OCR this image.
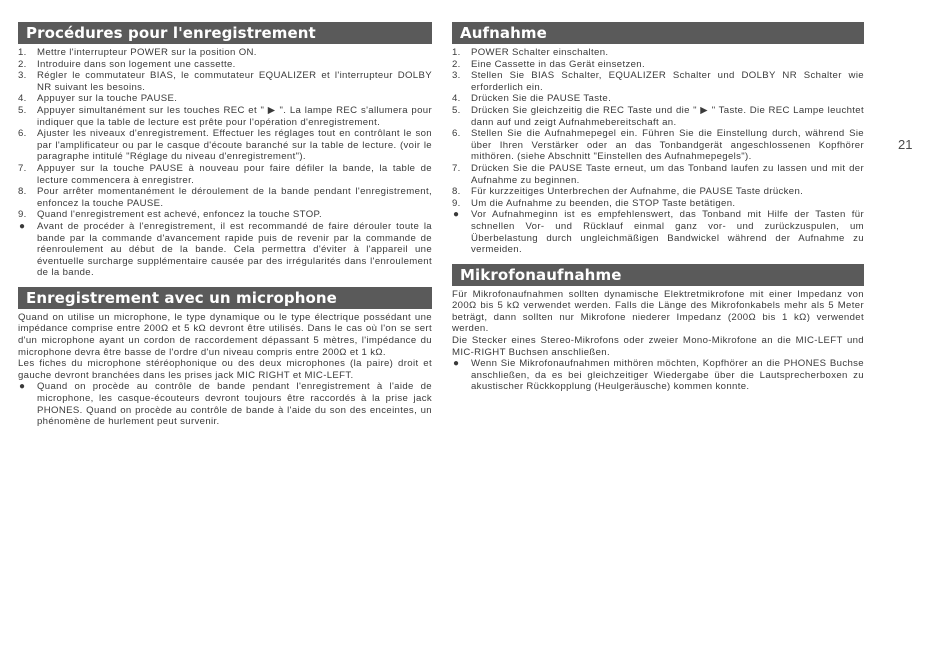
Procédures pour l'enregistrement
1.	Mettre l'interrupteur POWER sur la position ON.
2.	Introduire dans son logement une cassette.
3.	Régler le commutateur BIAS, le commutateur EQUALIZER et l'interrupteur DOLBY NR suivant les besoins.
4.	Appuyer sur la touche PAUSE.
5.	Appuyer simultanément sur les touches REC et " ▶ ". La lampe REC s'allumera pour indiquer que la table de lecture est prête pour l'opération d'enregistrement.
6.	Ajuster les niveaux d'enregistrement. Effectuer les réglages tout en contrôlant le son par l'amplificateur ou par le casque d'écoute baranché sur la table de lecture. (voir le paragraphe intitulé "Réglage du niveau d'enregistrement").
7.	Appuyer sur la touche PAUSE à nouveau pour faire défiler la bande, la table de lecture commencera à enregistrer.
8.	Pour arrêter momentanément le déroulement de la bande pendant l'enregistrement, enfoncez la touche PAUSE.
9.	Quand l'enregistrement est achevé, enfoncez la touche STOP.
● Avant de procéder à l'enregistrement, il est recommandé de faire dérouler toute la bande par la commande d'avancement rapide puis de revenir par la commande de réenroulement au début de la bande. Cela permettra d'éviter à l'appareil une éventuelle surcharge supplémentaire causée par des irrégularités dans l'enroulement de la bande.
Enregistrement avec un microphone

Quand on utilise un microphone, le type dynamique ou le type électrique possédant une impédance comprise entre 200Ω et 5 kΩ devront être utilisés. Dans le cas où l'on se sert d'un microphone ayant un cordon de raccordement dépassant 5 mètres, l'impédance du microphone devra être basse de l'ordre d'un niveau compris entre 200Ω et 1 kΩ.

Les fiches du microphone stéréophonique ou des deux microphones (la paire) droit et gauche devront branchées dans les prises jack MIC RIGHT et MIC-LEFT.

● Quand on procède au contrôle de bande pendant l'enregistrement à l'aide de microphone, les casque-écouteurs devront toujours être raccordés à la prise jack PHONES. Quand on procède au contrôle de bande à l'aide du son des enceintes, un phénomène de hurlement peut survenir.
Aufnahme
1.	POWER Schalter einschalten.
2.	Eine Cassette in das Gerät einsetzen.
3.	Stellen Sie BIAS Schalter, EQUALIZER Schalter und DOLBY NR Schalter wie erforderlich ein.
4.	Drücken Sie die PAUSE Taste.
5.	Drücken Sie gleichzeitig die REC Taste und die " ▶ " Taste. Die REC Lampe leuchtet dann auf und zeigt Aufnahmebereitschaft an.
6.	Stellen Sie die Aufnahmepegel ein. Führen Sie die Einstellung durch, während Sie über Ihren Verstärker oder an das Tonbandgerät angeschlossenen Kopfhörer mithören. (siehe Abschnitt "Einstellen des Aufnahmepegels").
7.	Drücken Sie die PAUSE Taste erneut, um das Tonband laufen zu lassen und mit der Aufnahme zu beginnen.
8.	Für kurzzeitiges Unterbrechen der Aufnahme, die PAUSE Taste drücken.
9.	Um die Aufnahme zu beenden, die STOP Taste betätigen.
● Vor Aufnahmeginn ist es empfehlenswert, das Tonband mit Hilfe der Tasten für schnellen Vor- und Rücklauf einmal ganz vor- und zurückzuspulen, um Überbelastung durch ungleichmäßigen Bandwickel während der Aufnahme zu vermeiden.
Mikrofonaufnahme

Für Mikrofonaufnahmen sollten dynamische Elektretmikrofone mit einer Impedanz von 200Ω bis 5 kΩ verwendet werden. Falls die Länge des Mikrofonkabels mehr als 5 Meter beträgt, dann sollten nur Mikrofone niederer Impedanz (200Ω bis 1 kΩ) verwendet werden.

Die Stecker eines Stereo-Mikrofons oder zweier Mono-Mikrofone an die MIC-LEFT und MIC-RIGHT Buchsen anschließen.

● Wenn Sie Mikrofonaufnahmen mithören möchten, Kopfhörer an die PHONES Buchse anschließen, da es bei gleichzeitiger Wiedergabe über die Lautsprecherboxen zu akustischer Rückkopplung (Heulgeräusche) kommen konnte.
21
